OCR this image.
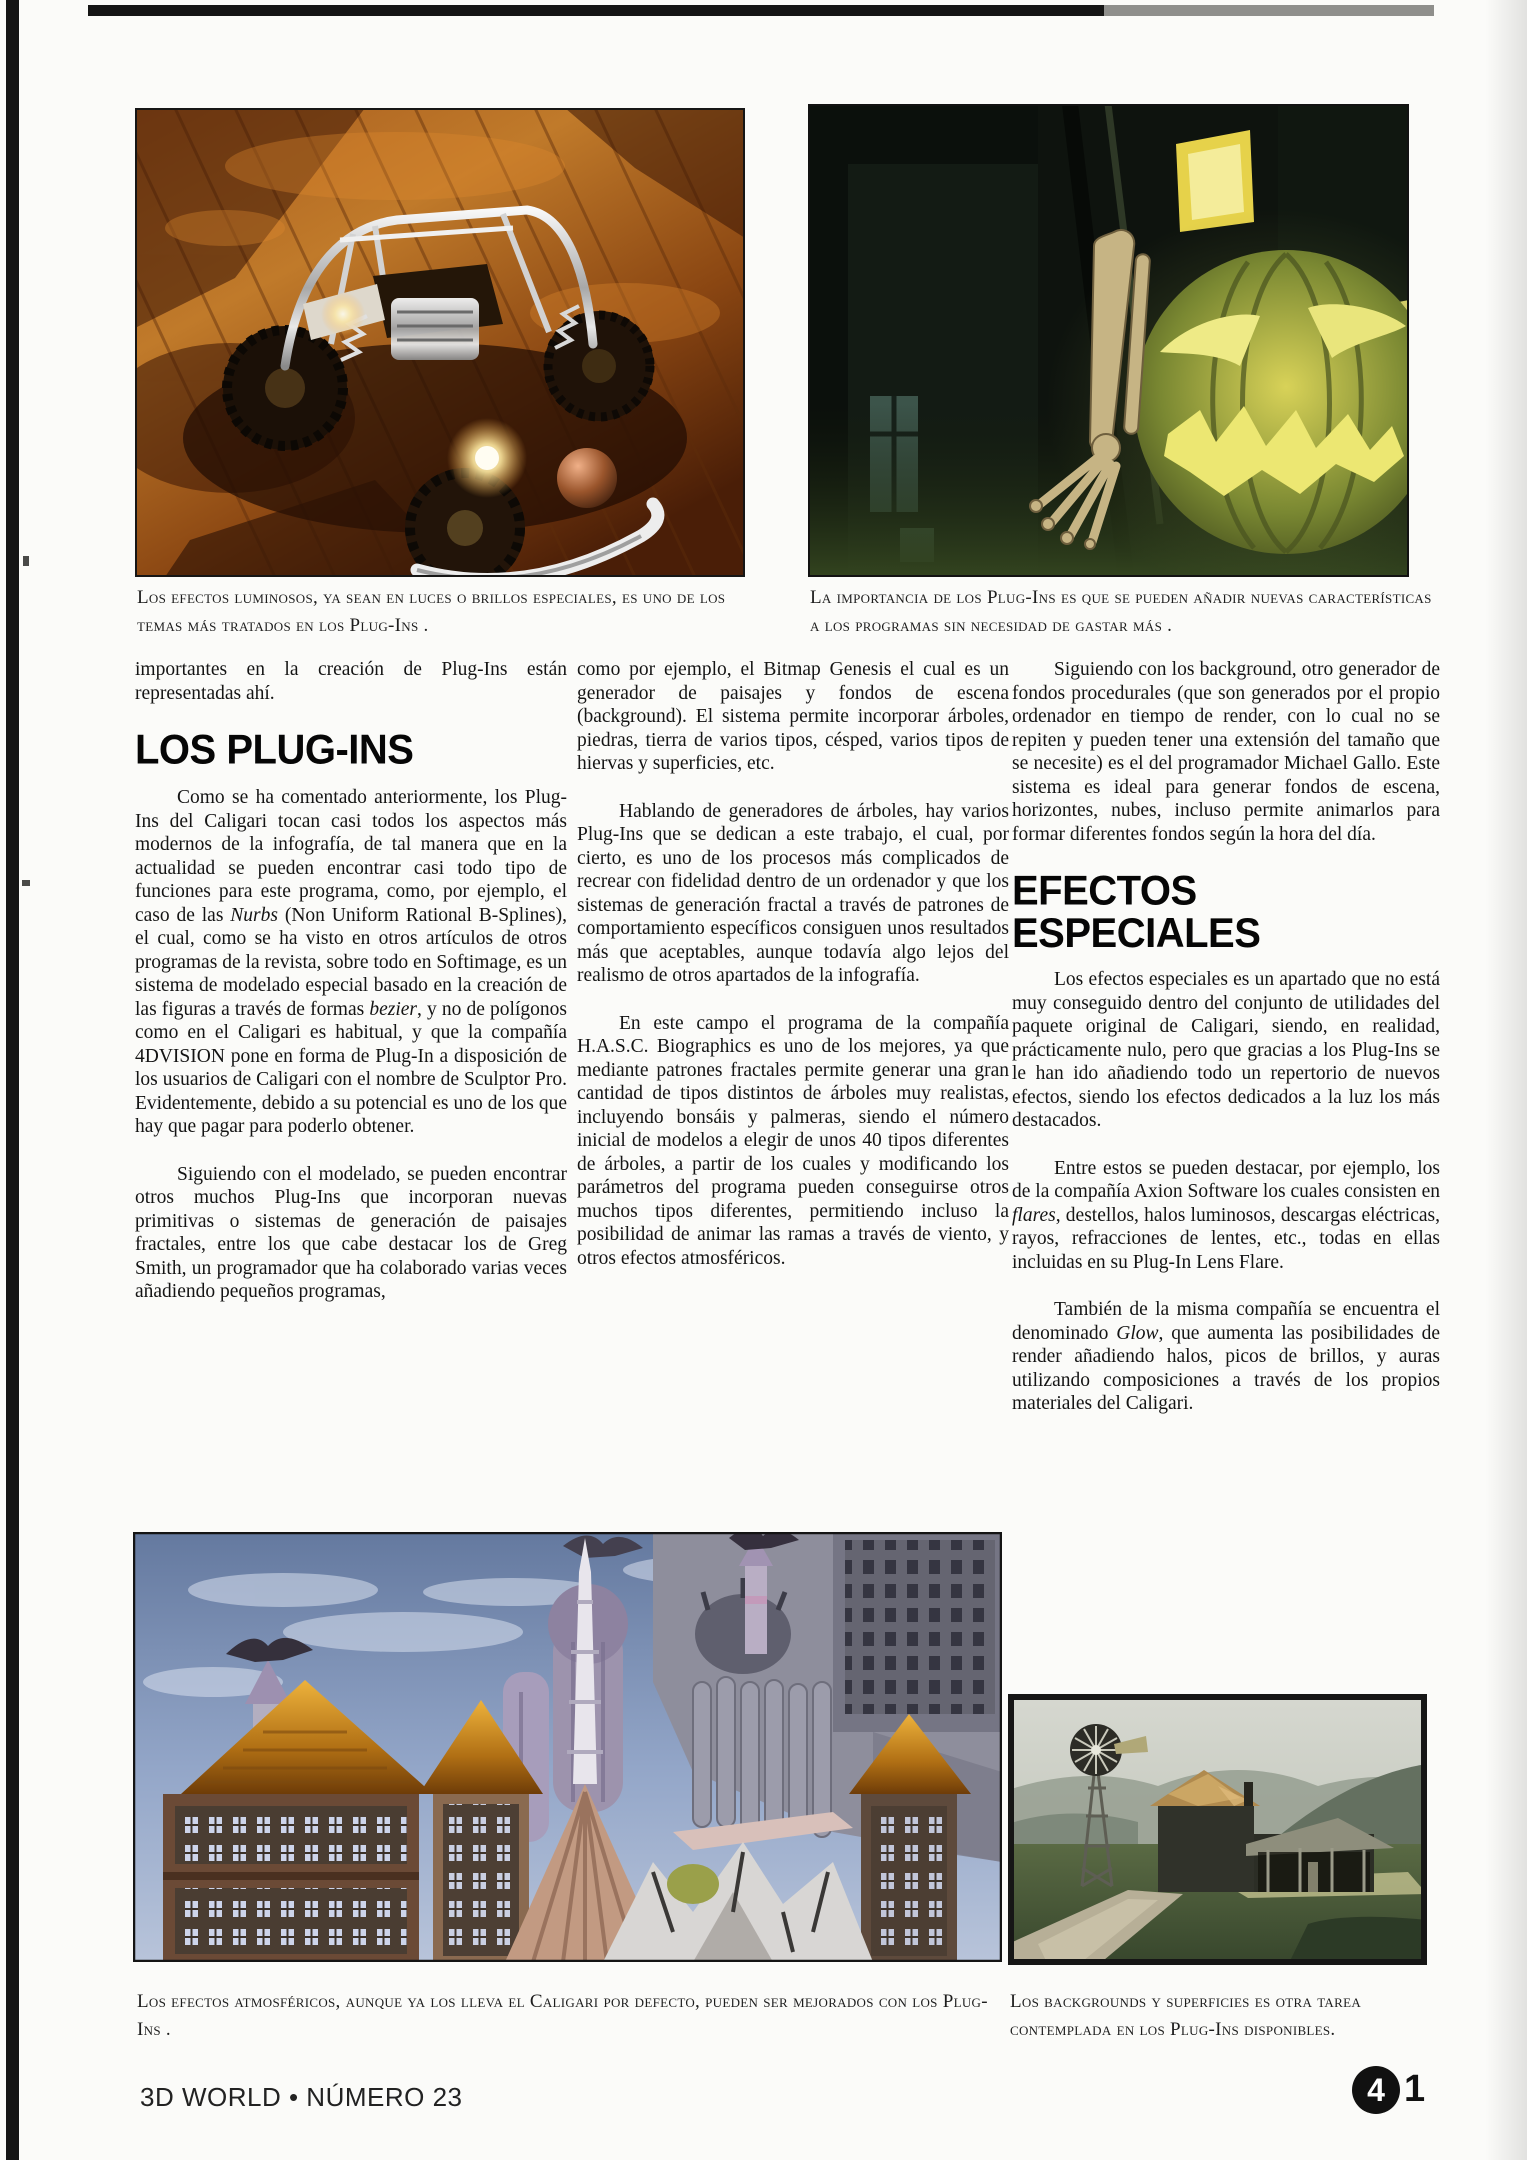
Los efectos luminosos, ya sean en luces o brillos especiales, es uno de los temas más tratados en los Plug-Ins .
La importancia de los Plug-Ins es que se pueden añadir nuevas características a los programas sin necesidad de gastar más .

importantes en la creación de Plug-Ins están representadas ahí.

LOS PLUG-INS

Como se ha comentado anteriormente, los Plug-Ins del Caligari tocan casi todos los aspectos más modernos de la infografía, de tal manera que en la actualidad se pueden encontrar casi todo tipo de funciones para este programa, como, por ejemplo, el caso de las Nurbs (Non Uniform Rational B-Splines), el cual, como se ha visto en otros artículos de otros programas de la revista, sobre todo en Softimage, es un sistema de modelado especial basado en la creación de las figuras a través de formas bezier, y no de polígonos como en el Caligari es habitual, y que la compañía 4DVISION pone en forma de Plug-In a disposición de los usuarios de Caligari con el nombre de Sculptor Pro. Evidentemente, debido a su potencial es uno de los que hay que pagar para poderlo obtener.

Siguiendo con el modelado, se pueden encontrar otros muchos Plug-Ins que incorporan nuevas primitivas o sistemas de generación de paisajes fractales, entre los que cabe destacar los de Greg Smith, un programador que ha colaborado varias veces añadiendo pequeños programas,

como por ejemplo, el Bitmap Genesis el cual es un generador de paisajes y fondos de escena (background). El sistema permite incorporar árboles, piedras, tierra de varios tipos, césped, varios tipos de hiervas y superficies, etc.

Hablando de generadores de árboles, hay varios Plug-Ins que se dedican a este trabajo, el cual, por cierto, es uno de los procesos más complicados de recrear con fidelidad dentro de un ordenador y que los sistemas de generación fractal a través de patrones de comportamiento específicos consiguen unos resultados más que aceptables, aunque todavía algo lejos del realismo de otros apartados de la infografía.

En este campo el programa de la compañía H.A.S.C. Biographics es uno de los mejores, ya que mediante patrones fractales permite generar una gran cantidad de tipos distintos de árboles muy realistas, incluyendo bonsáis y palmeras, siendo el número inicial de modelos a elegir de unos 40 tipos diferentes de árboles, a partir de los cuales y modificando los parámetros del programa pueden conseguirse otros muchos tipos diferentes, permitiendo incluso la posibilidad de animar las ramas a través de viento, y otros efectos atmosféricos.

Siguiendo con los background, otro generador de fondos procedurales (que son generados por el propio ordenador en tiempo de render, con lo cual no se repiten y pueden tener una extensión del tamaño que se necesite) es el del programador Michael Gallo. Este sistema es ideal para generar fondos de escena, horizontes, nubes, incluso permite animarlos para formar diferentes fondos según la hora del día.

EFECTOS
ESPECIALES

Los efectos especiales es un apartado que no está muy conseguido dentro del conjunto de utilidades del paquete original de Caligari, siendo, en realidad, prácticamente nulo, pero que gracias a los Plug-Ins se le han ido añadiendo todo un repertorio de nuevos efectos, siendo los efectos dedicados a la luz los más destacados.

Entre estos se pueden destacar, por ejemplo, los de la compañía Axion Software los cuales consisten en flares, destellos, halos luminosos, descargas eléctricas, rayos, refracciones de lentes, etc., todas en ellas incluidas en su Plug-In Lens Flare.

También de la misma compañía se encuentra el denominado Glow, que aumenta las posibilidades de render añadiendo halos, picos de brillos, y auras utilizando composiciones a través de los propios materiales del Caligari.

Los efectos atmosféricos, aunque ya los lleva el Caligari por defecto, pueden ser mejorados con los Plug-Ins .
Los backgrounds y superficies es otra tarea contemplada en los Plug-Ins disponibles.
3D WORLD • NÚMERO 23	4 1
